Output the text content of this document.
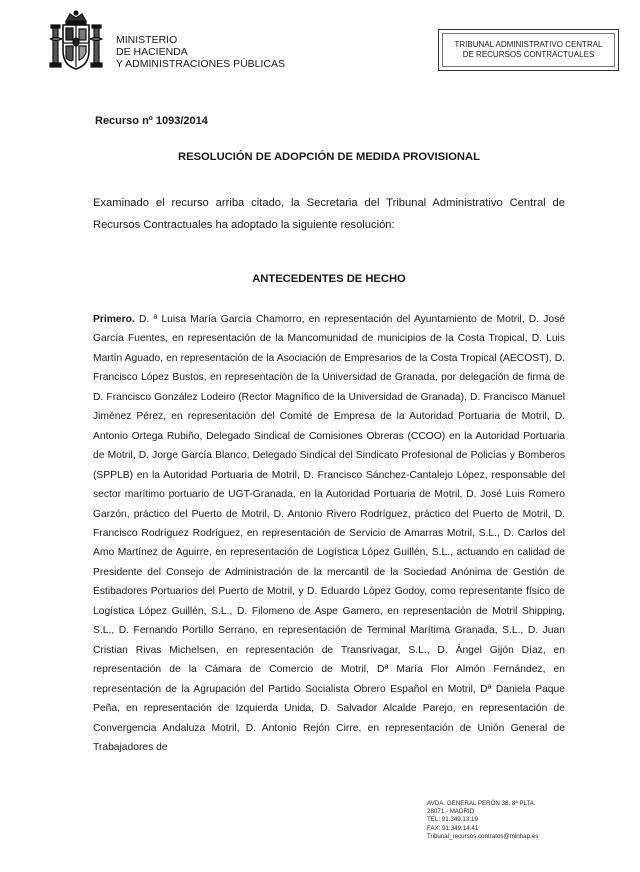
MINISTERIO
DE HACIENDA
Y ADMINISTRACIONES PÚBLICAS
TRIBUNAL ADMINISTRATIVO CENTRAL
DE RECURSOS CONTRACTUALES
Recurso nº 1093/2014
RESOLUCIÓN DE ADOPCIÓN DE MEDIDA PROVISIONAL

Examinado el recurso arriba citado, la Secretaria del Tribunal Administrativo Central de Recursos Contractuales ha adoptado la siguiente resolución:

ANTECEDENTES DE HECHO

Primero. D. ª Luisa María García Chamorro, en representación del Ayuntamiento de Motril, D. José García Fuentes, en representación de la Mancomunidad de municipios de la Costa Tropical, D. Luis Martín Aguado, en representación de la Asociación de Empresarios de la Costa Tropical (AECOST), D. Francisco López Bustos, en representación de la Universidad de Granada, por delegación de firma de D. Francisco González Lodeiro (Rector Magnífico de la Universidad de Granada), D. Francisco Manuel Jiménez Pérez, en representación del Comité de Empresa de la Autoridad Portuaria de Motril, D. Antonio Ortega Rubiño, Delegado Sindical de Comisiones Obreras (CCOO) en la Autoridad Portuaria de Motril, D. Jorge García Blanco, Delegado Sindical del Sindicato Profesional de Policías y Bomberos (SPPLB) en la Autoridad Portuaria de Motril, D. Francisco Sánchez-Cantalejo López, responsable del sector marítimo portuario de UGT-Granada, en la Autoridad Portuaria de Motril, D. José Luis Romero Garzón, práctico del Puerto de Motril, D. Antonio Rivero Rodríguez, práctico del Puerto de Motril, D. Francisco Rodríguez Rodríguez, en representación de Servicio de Amarras Motril, S.L., D. Carlos del Amo Martínez de Aguirre, en representación de Logística López Guillén, S.L., actuando en calidad de Presidente del Consejo de Administración de la mercantil de la Sociedad Anónima de Gestión de Estibadores Portuarios del Puerto de Motril, y D. Eduardo López Godoy, como representante físico de Logística López Guillén, S.L., D. Filomeno de Aspe Gamero, en representación de Motril Shipping, S.L., D. Fernando Portillo Serrano, en representación de Terminal Marítima Granada, S.L., D. Juan Cristian Rivas Michelsen, en representación de Transrivagar, S.L., D. Ángel Gijón Díaz, en representación de la Cámara de Comercio de Motril, Dª María Flor Almón Fernández, en representación de la Agrupación del Partido Socialista Obrero Español en Motril, Dª Daniela Paque Peña, en representación de Izquierda Unida, D. Salvador Alcalde Parejo, en representación de Convergencia Andaluza Motril, D. Antonio Rejón Cirre, en representación de Unión General de Trabajadores de

AVDA. GENERAL PERÓN 38, 8ª PLTA.
28071 - MADRID
TEL: 91.349.13.19
FAX: 91.349.14.41
Tribunal_recursos.contratos@minhap.es
